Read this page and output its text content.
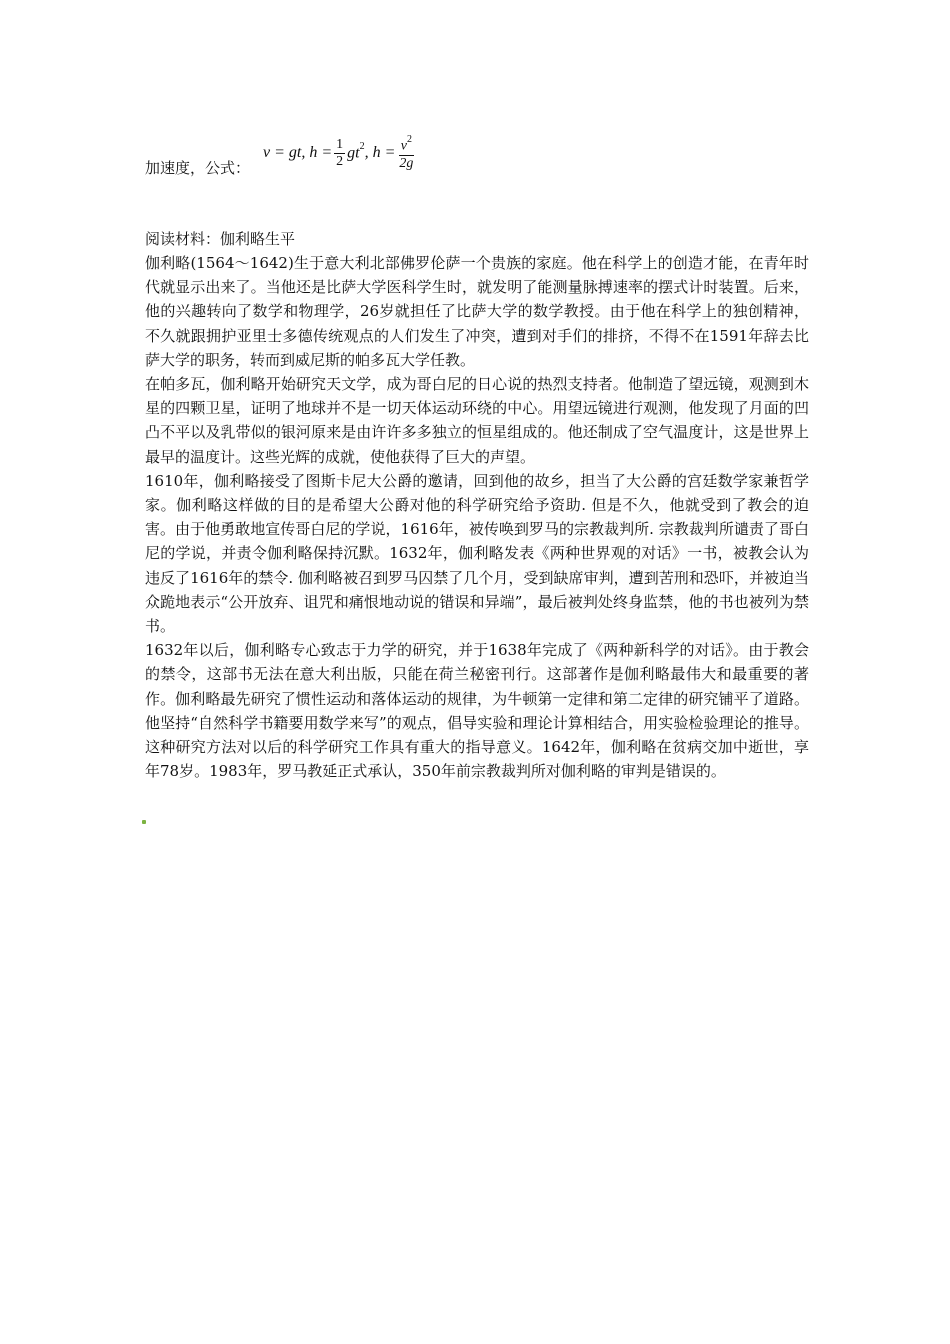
加速度，公式：
v = gt, $h = \frac{1}{2} gt^2$ , $h = \frac{v^2}{2g}$
阅读材料：伽利略生平

伽利略(1564～1642)生于意大利北部佛罗伦萨一个贵族的家庭。他在科学上的创造才能，在青年时代就显示出来了。当他还是比萨大学医科学生时，就发明了能测量脉搏速率的摆式计时装置。后来，他的兴趣转向了数学和物理学，26岁就担任了比萨大学的数学教授。由于他在科学上的独创精神，不久就跟拥护亚里士多德传统观点的人们发生了冲突，遭到对手们的排挤，不得不在1591年辞去比萨大学的职务，转而到威尼斯的帕多瓦大学任教。

在帕多瓦，伽利略开始研究天文学，成为哥白尼的日心说的热烈支持者。他制造了望远镜，观测到木星的四颗卫星，证明了地球并不是一切天体运动环绕的中心。用望远镜进行观测，他发现了月面的凹凸不平以及乳带似的银河原来是由许许多多独立的恒星组成的。他还制成了空气温度计，这是世界上最早的温度计。这些光辉的成就，使他获得了巨大的声望。

1610年，伽利略接受了图斯卡尼大公爵的邀请，回到他的故乡，担当了大公爵的宫廷数学家兼哲学家。伽利略这样做的目的是希望大公爵对他的科学研究给予资助. 但是不久，他就受到了教会的迫害。由于他勇敢地宣传哥白尼的学说，1616年，被传唤到罗马的宗教裁判所. 宗教裁判所谴责了哥白尼的学说，并责令伽利略保持沉默。1632年，伽利略发表《两种世界观的对话》一书，被教会认为违反了1616年的禁令. 伽利略被召到罗马囚禁了几个月，受到缺席审判，遭到苦刑和恐吓，并被迫当众跪地表示“公开放弃、诅咒和痛恨地动说的错误和异端”，最后被判处终身监禁，他的书也被列为禁书。

1632年以后，伽利略专心致志于力学的研究，并于1638年完成了《两种新科学的对话》。由于教会的禁令，这部书无法在意大利出版，只能在荷兰秘密刊行。这部著作是伽利略最伟大和最重要的著作。伽利略最先研究了惯性运动和落体运动的规律，为牛顿第一定律和第二定律的研究铺平了道路。他坚持“自然科学书籍要用数学来写”的观点，倡导实验和理论计算相结合，用实验检验理论的推导。这种研究方法对以后的科学研究工作具有重大的指导意义。1642年，伽利略在贫病交加中逝世，享年78岁。1983年，罗马教延正式承认，350年前宗教裁判所对伽利略的审判是错误的。
